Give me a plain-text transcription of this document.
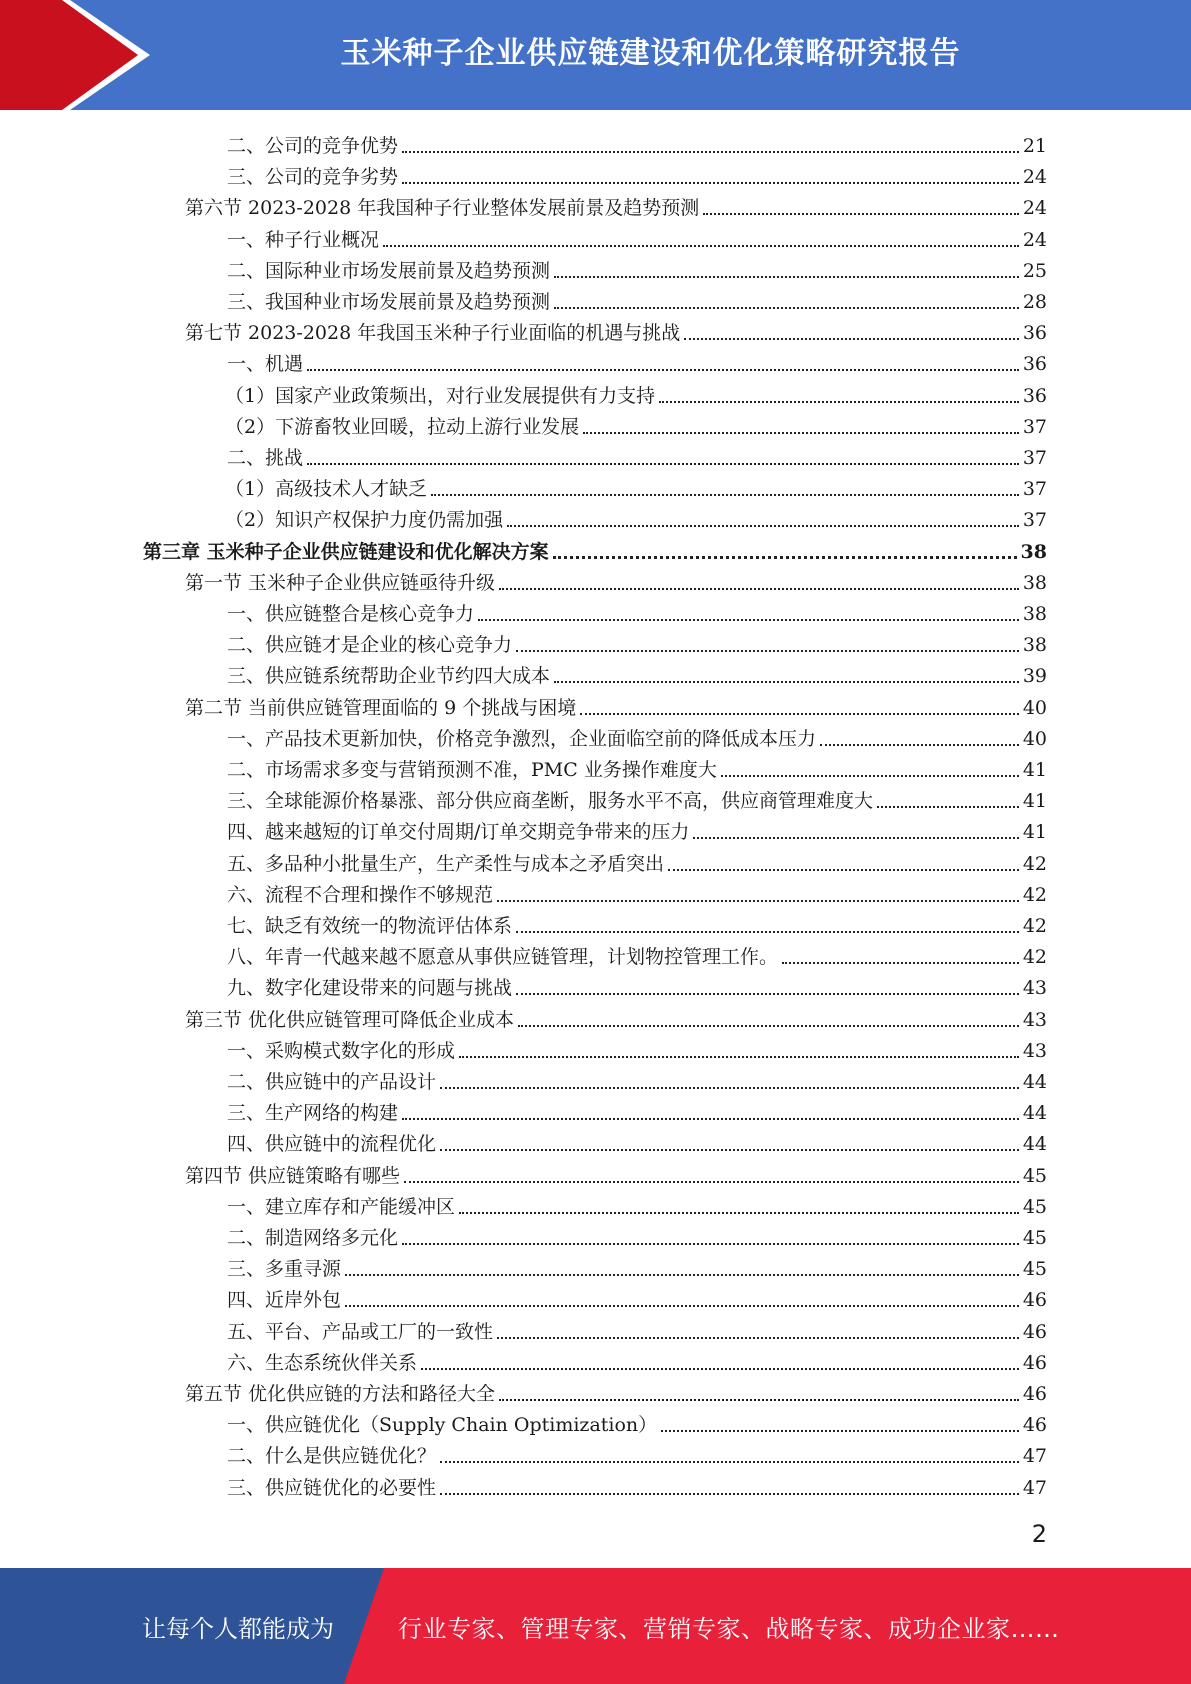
玉米种子企业供应链建设和优化策略研究报告
二、公司的竞争优势	21
三、公司的竞争劣势	24
第六节 2023-2028 年我国种子行业整体发展前景及趋势预测	24
一、种子行业概况	24
二、国际种业市场发展前景及趋势预测	25
三、我国种业市场发展前景及趋势预测	28
第七节 2023-2028 年我国玉米种子行业面临的机遇与挑战	36
一、机遇	36
（1）国家产业政策频出，对行业发展提供有力支持	36
（2）下游畜牧业回暖，拉动上游行业发展	37
二、挑战	37
（1）高级技术人才缺乏	37
（2）知识产权保护力度仍需加强	37
第三章 玉米种子企业供应链建设和优化解决方案	38
第一节 玉米种子企业供应链亟待升级	38
一、供应链整合是核心竞争力	38
二、供应链才是企业的核心竞争力	38
三、供应链系统帮助企业节约四大成本	39
第二节 当前供应链管理面临的 9 个挑战与困境	40
一、产品技术更新加快，价格竞争激烈，企业面临空前的降低成本压力	40
二、市场需求多变与营销预测不准，PMC 业务操作难度大	41
三、全球能源价格暴涨、部分供应商垄断，服务水平不高，供应商管理难度大	41
四、越来越短的订单交付周期/订单交期竞争带来的压力	41
五、多品种小批量生产，生产柔性与成本之矛盾突出	42
六、流程不合理和操作不够规范	42
七、缺乏有效统一的物流评估体系	42
八、年青一代越来越不愿意从事供应链管理，计划物控管理工作。	42
九、数字化建设带来的问题与挑战	43
第三节 优化供应链管理可降低企业成本	43
一、采购模式数字化的形成	43
二、供应链中的产品设计	44
三、生产网络的构建	44
四、供应链中的流程优化	44
第四节 供应链策略有哪些	45
一、建立库存和产能缓冲区	45
二、制造网络多元化	45
三、多重寻源	45
四、近岸外包	46
五、平台、产品或工厂的一致性	46
六、生态系统伙伴关系	46
第五节 优化供应链的方法和路径大全	46
一、供应链优化（Supply Chain Optimization）	46
二、什么是供应链优化？	47
三、供应链优化的必要性	47
2
让每个人都能成为	行业专家、管理专家、营销专家、战略专家、成功企业家……
